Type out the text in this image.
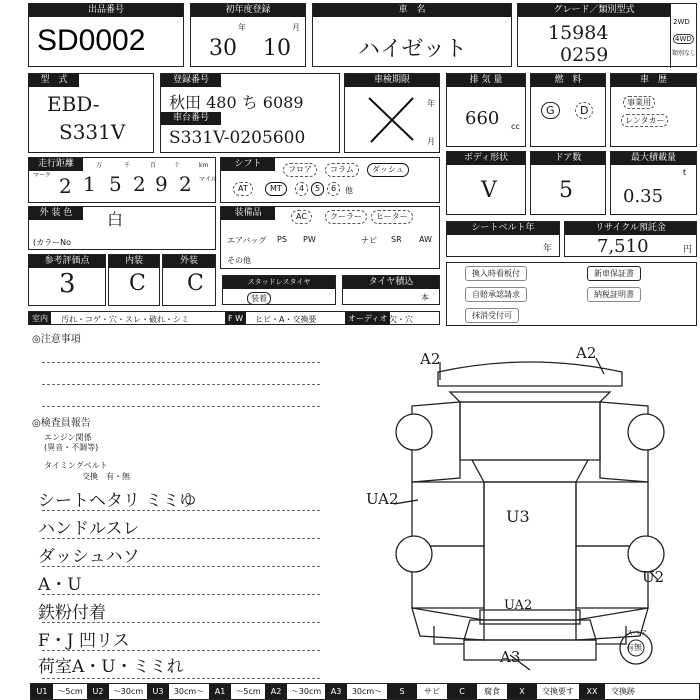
出品番号
SD0002
初年度登録
年	月
30 10
車　名
ハイゼット
グレード／類別型式
15984
0259
2WD
4WD
類別なし
型　式
EBD-
S331V
登録番号
秋田 480 ち 6089
車台番号
S331V-0205600
車検期限
年
月
排 気 量
660 cc
燃　料
G	D
車　歴
事業用
レンタカー
走行距離
マーク
万	千	百	十	km
マイル
2 1 5 2 9 2
シフト
フロア	コラム	ダッシュ
AT	MT	4	5	6	他
ボディ形状
V
ドア数
5
最大積載量
t
0.35
外 装 色	白
(カラーNo
装備品	AC	クーラー	ヒーター
エアバッグ PS PW	ナビ SR AW
その他
シートベルト年
年
リサイクル預託金
7,510	円
参考評価点
3
内装
C
外装
C	スタッドレスタイヤ
装着
タイヤ積込
本
換入時看板付
自賠承認請求
抹消受付可
新車保証書
納税証明書
室内	汚れ・コゲ・穴・スレ・破れ・シミ	F W	ヒビ・A・交換要	オーディオ 欠・穴
◎注意事項
◎検査員報告
エンジン関係
(異音・不調等)
タイミングベルト
交換　有・無
シートヘタリ ミミゆ
ハンドルスレ
ダッシュハソ
A・U
鉄粉付着
F・J 凹リス
荷室A・U・ミミれ
A2	A2
UA2
U3
U2
UA2
A3
スペア
有無
U1	〜5cm	U2	〜30cm	U3	30cm〜	A1	〜5cm	A2	〜30cm	A3	30cm〜	S	サビ	C	腐食	X	交換要す	XX	交換跡
